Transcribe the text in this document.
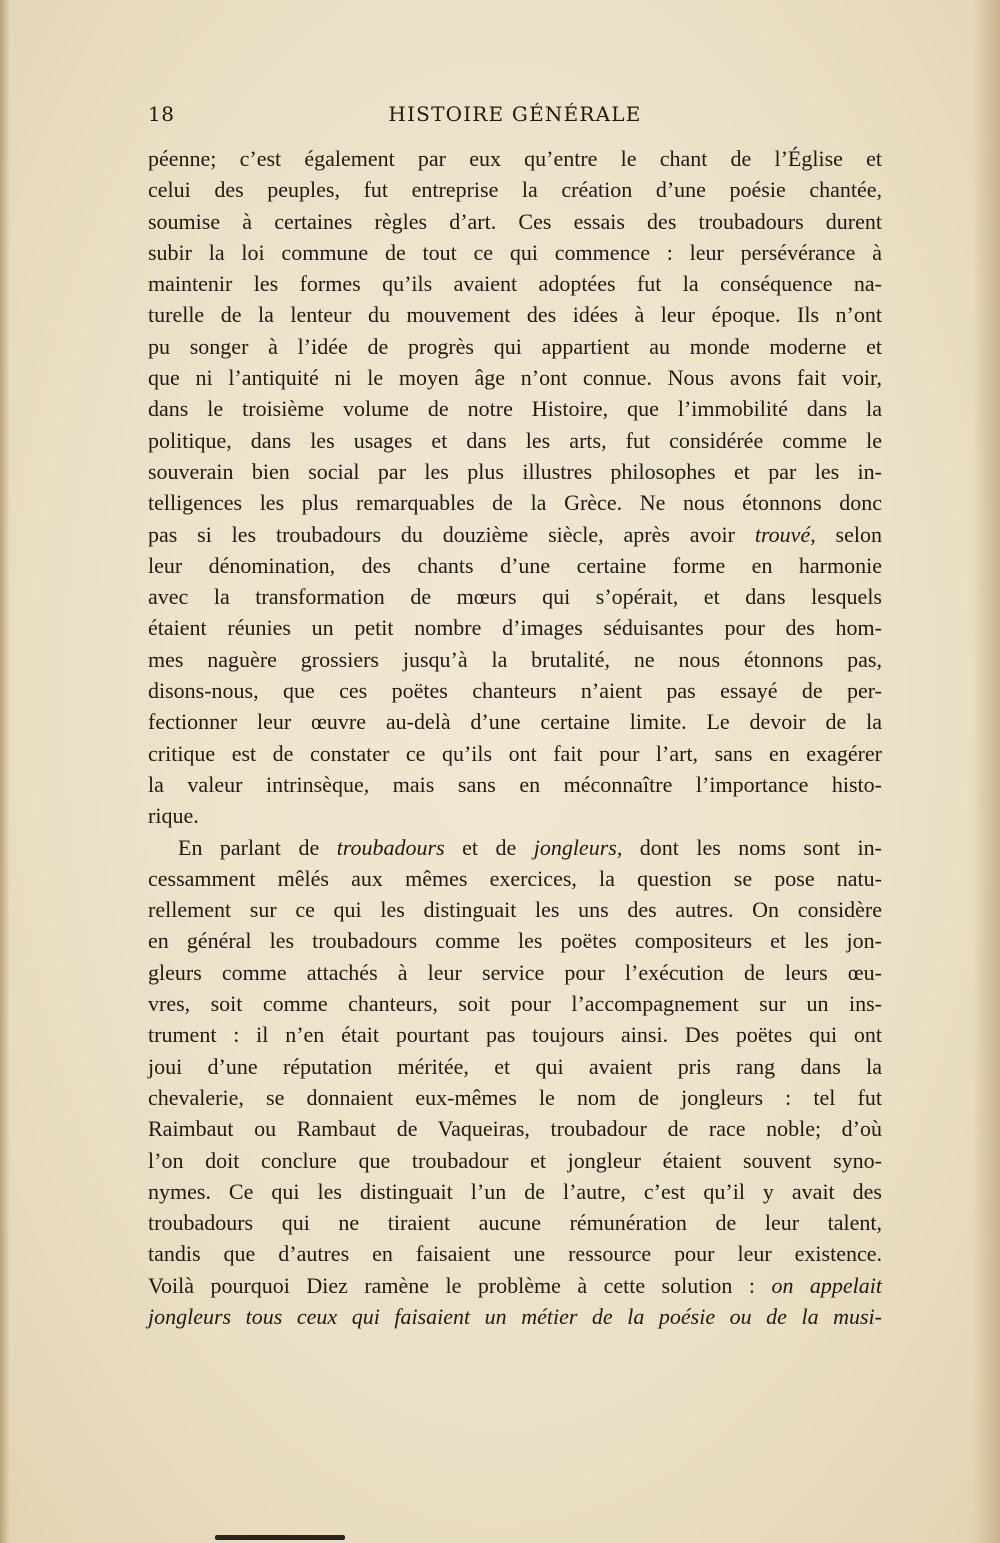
18	HISTOIRE GÉNÉRALE
péenne; c’est également par eux qu’entre le chant de l’Église et
celui des peuples, fut entreprise la création d’une poésie chantée,
soumise à certaines règles d’art. Ces essais des troubadours durent
subir la loi commune de tout ce qui commence : leur persévérance à
maintenir les formes qu’ils avaient adoptées fut la conséquence na-
turelle de la lenteur du mouvement des idées à leur époque. Ils n’ont
pu songer à l’idée de progrès qui appartient au monde moderne et
que ni l’antiquité ni le moyen âge n’ont connue. Nous avons fait voir,
dans le troisième volume de notre Histoire, que l’immobilité dans la
politique, dans les usages et dans les arts, fut considérée comme le
souverain bien social par les plus illustres philosophes et par les in-
telligences les plus remarquables de la Grèce. Ne nous étonnons donc
pas si les troubadours du douzième siècle, après avoir trouvé, selon
leur dénomination, des chants d’une certaine forme en harmonie
avec la transformation de mœurs qui s’opérait, et dans lesquels
étaient réunies un petit nombre d’images séduisantes pour des hom-
mes naguère grossiers jusqu’à la brutalité, ne nous étonnons pas,
disons-nous, que ces poëtes chanteurs n’aient pas essayé de per-
fectionner leur œuvre au-delà d’une certaine limite. Le devoir de la
critique est de constater ce qu’ils ont fait pour l’art, sans en exagérer
la valeur intrinsèque, mais sans en méconnaître l’importance histo-
rique.
En parlant de troubadours et de jongleurs, dont les noms sont in-
cessamment mêlés aux mêmes exercices, la question se pose natu-
rellement sur ce qui les distinguait les uns des autres. On considère
en général les troubadours comme les poëtes compositeurs et les jon-
gleurs comme attachés à leur service pour l’exécution de leurs œu-
vres, soit comme chanteurs, soit pour l’accompagnement sur un ins-
trument : il n’en était pourtant pas toujours ainsi. Des poëtes qui ont
joui d’une réputation méritée, et qui avaient pris rang dans la
chevalerie, se donnaient eux-mêmes le nom de jongleurs : tel fut
Raimbaut ou Rambaut de Vaqueiras, troubadour de race noble; d’où
l’on doit conclure que troubadour et jongleur étaient souvent syno-
nymes. Ce qui les distinguait l’un de l’autre, c’est qu’il y avait des
troubadours qui ne tiraient aucune rémunération de leur talent,
tandis que d’autres en faisaient une ressource pour leur existence.
Voilà pourquoi Diez ramène le problème à cette solution : on appelait
jongleurs tous ceux qui faisaient un métier de la poésie ou de la musi-
